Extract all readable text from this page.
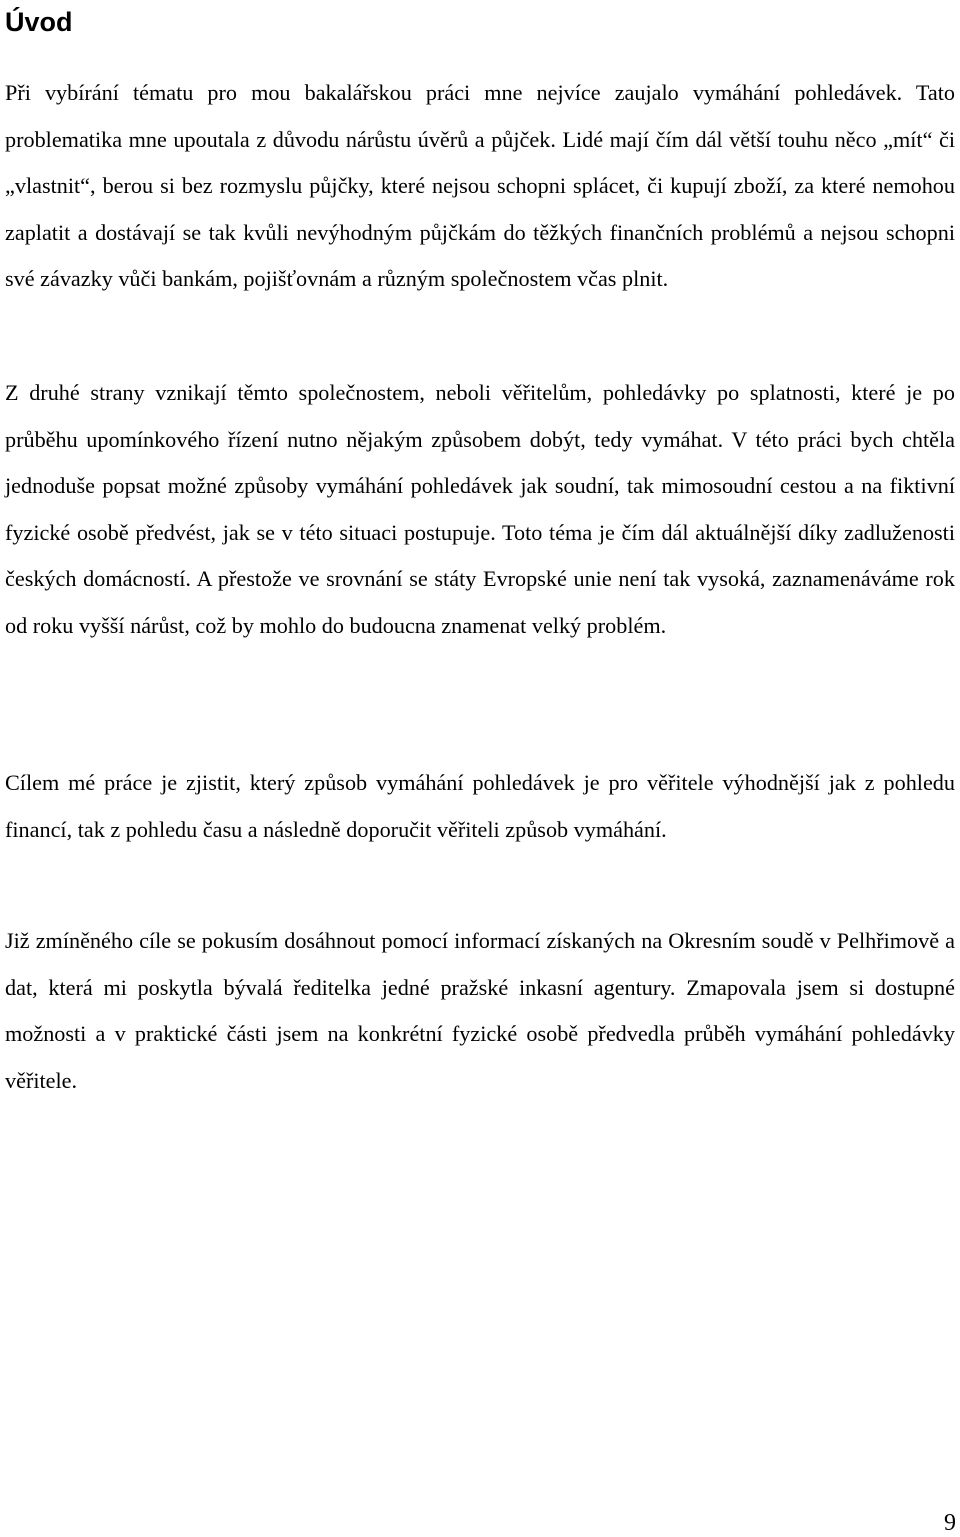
Úvod

Při vybírání tématu pro mou bakalářskou práci mne nejvíce zaujalo vymáhání pohledávek. Tato problematika mne upoutala z důvodu nárůstu úvěrů a půjček. Lidé mají čím dál větší touhu něco „mít“ či „vlastnit“, berou si bez rozmyslu půjčky, které nejsou schopni splácet, či kupují zboží, za které nemohou zaplatit a dostávají se tak kvůli nevýhodným půjčkám do těžkých finančních problémů a nejsou schopni své závazky vůči bankám, pojišťovnám a různým společnostem včas plnit.

Z druhé strany vznikají těmto společnostem, neboli věřitelům, pohledávky po splatnosti, které je po průběhu upomínkového řízení nutno nějakým způsobem dobýt, tedy vymáhat. V této práci bych chtěla jednoduše popsat možné způsoby vymáhání pohledávek jak soudní, tak mimosoudní cestou a na fiktivní fyzické osobě předvést, jak se v této situaci postupuje. Toto téma je čím dál aktuálnější díky zadluženosti českých domácností. A přestože ve srovnání se státy Evropské unie není tak vysoká, zaznamenáváme rok od roku vyšší nárůst, což by mohlo do budoucna znamenat velký problém.

Cílem mé práce je zjistit, který způsob vymáhání pohledávek je pro věřitele výhodnější jak z pohledu financí, tak z pohledu času a následně doporučit věřiteli způsob vymáhání.

Již zmíněného cíle se pokusím dosáhnout pomocí informací získaných na Okresním soudě v Pelhřimově a dat, která mi poskytla bývalá ředitelka jedné pražské inkasní agentury. Zmapovala jsem si dostupné možnosti a v praktické části jsem na konkrétní fyzické osobě předvedla průběh vymáhání pohledávky věřitele.

9
